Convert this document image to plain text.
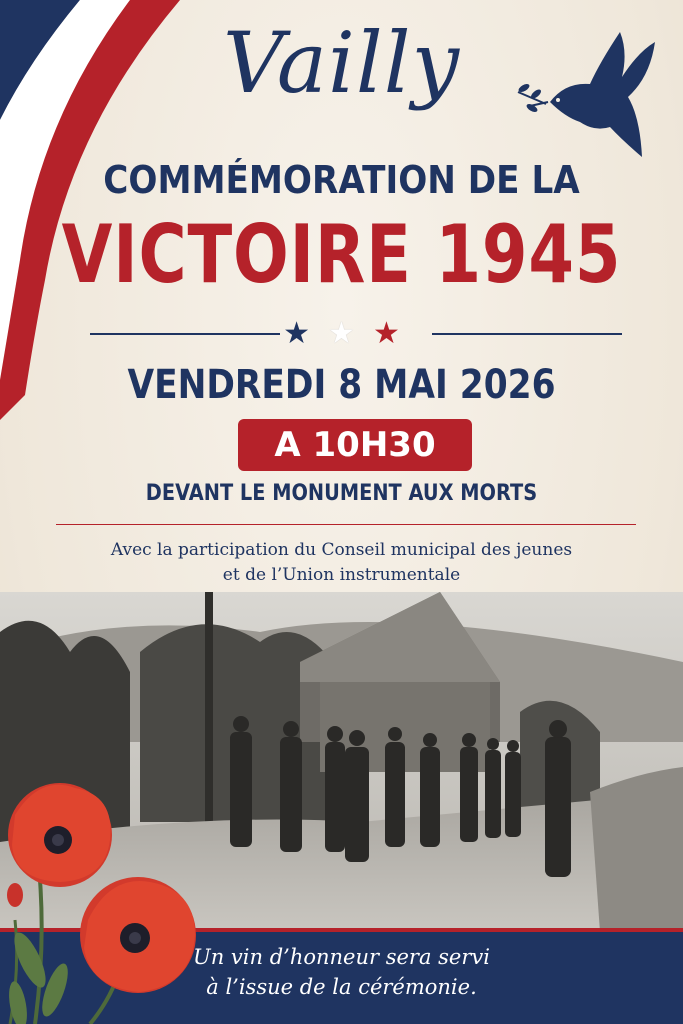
Vailly
COMMÉMORATION DE LA
VICTOIRE 1945
★ ★ ★
VENDREDI 8 MAI 2026
A 10H30
DEVANT LE MONUMENT AUX MORTS
Avec la participation du Conseil municipal des jeunes
et de l’Union instrumentale
Un vin d’honneur sera servi
à l’issue de la cérémonie.
